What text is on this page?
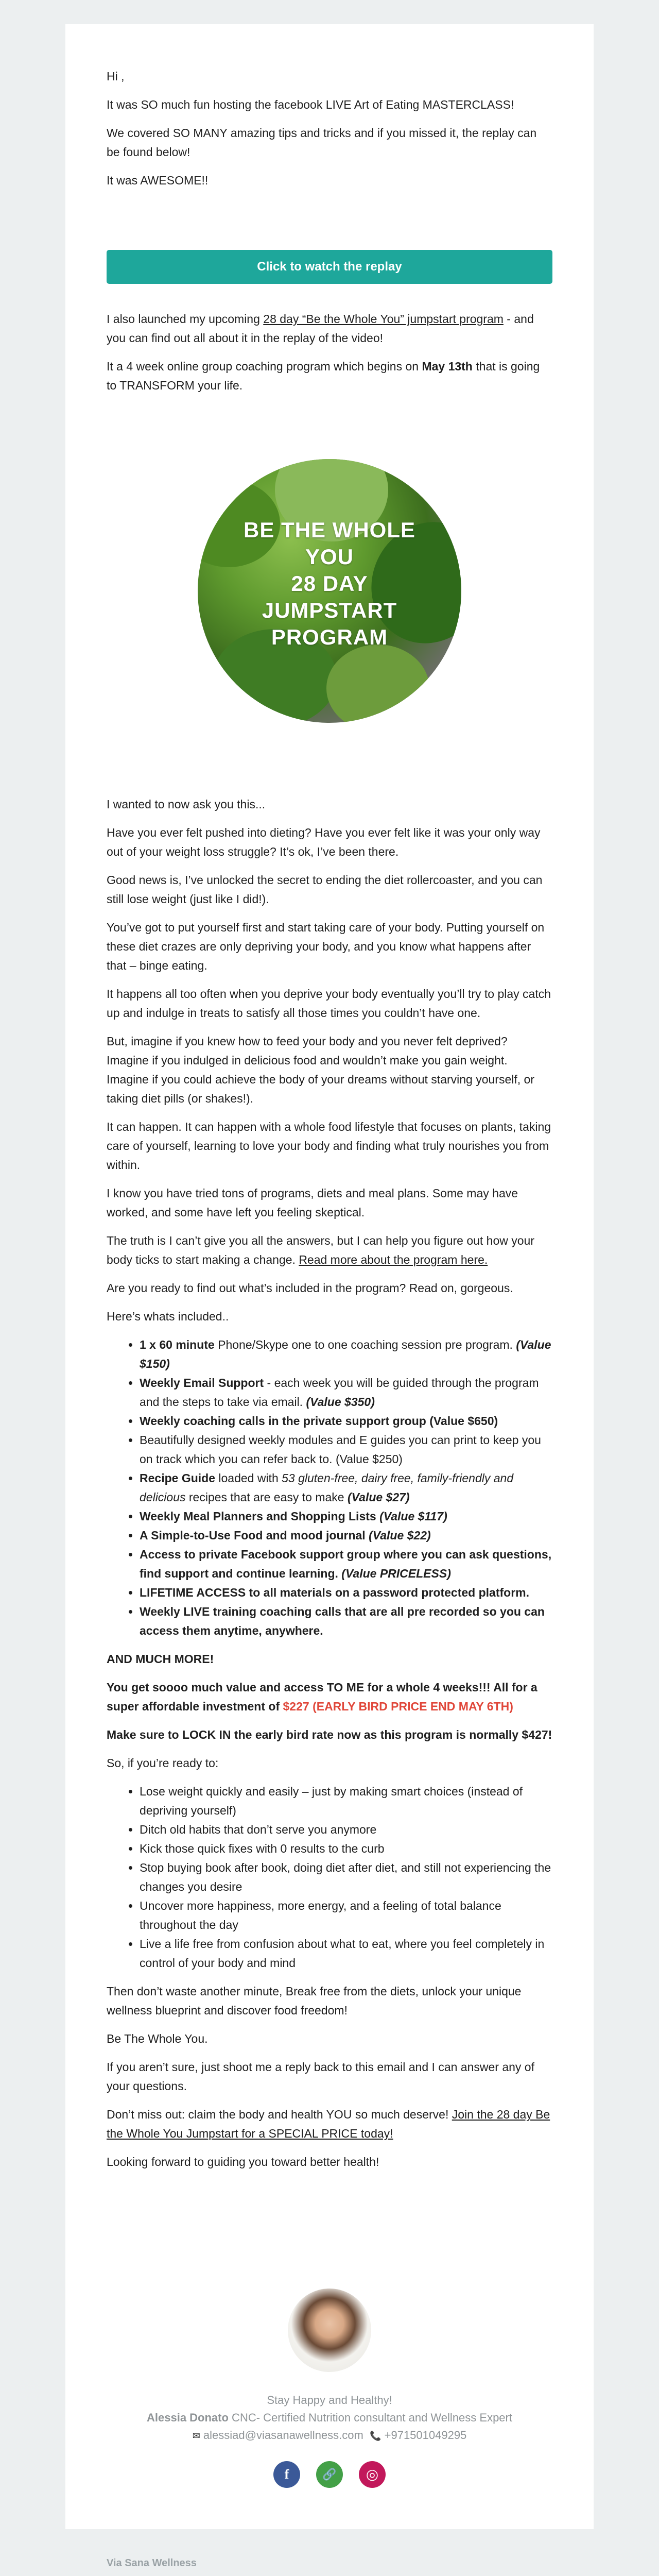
Hi ,

It was SO much fun hosting the facebook LIVE Art of Eating MASTERCLASS!

We covered SO MANY amazing tips and tricks and if you missed it, the replay can be found below!

It was AWESOME!!

Click to watch the replay

I also launched my upcoming 28 day “Be the Whole You” jumpstart program - and you can find out all about it in the replay of the video!

It a 4 week online group coaching program which begins on May 13th that is going to TRANSFORM your life.

BE THE WHOLE
YOU
28 DAY
JUMPSTART
PROGRAM

I wanted to now ask you this...

Have you ever felt pushed into dieting? Have you ever felt like it was your only way out of your weight loss struggle? It’s ok, I’ve been there.

Good news is, I’ve unlocked the secret to ending the diet rollercoaster, and you can still lose weight (just like I did!).

You’ve got to put yourself first and start taking care of your body. Putting yourself on these diet crazes are only depriving your body, and you know what happens after that – binge eating.

It happens all too often when you deprive your body eventually you’ll try to play catch up and indulge in treats to satisfy all those times you couldn’t have one.

But, imagine if you knew how to feed your body and you never felt deprived? Imagine if you indulged in delicious food and wouldn’t make you gain weight. Imagine if you could achieve the body of your dreams without starving yourself, or taking diet pills (or shakes!).

It can happen. It can happen with a whole food lifestyle that focuses on plants, taking care of yourself, learning to love your body and finding what truly nourishes you from within.

I know you have tried tons of programs, diets and meal plans. Some may have worked, and some have left you feeling skeptical.

The truth is I can’t give you all the answers, but I can help you figure out how your body ticks to start making a change. Read more about the program here.

Are you ready to find out what’s included in the program? Read on, gorgeous.

Here’s whats included..

• 1 x 60 minute Phone/Skype one to one coaching session pre program. (Value $150)
• Weekly Email Support - each week you will be guided through the program and the steps to take via email. (Value $350)
• Weekly coaching calls in the private support group (Value $650)
• Beautifully designed weekly modules and E guides you can print to keep you on track which you can refer back to. (Value $250)
• Recipe Guide loaded with 53 gluten-free, dairy free, family-friendly and delicious recipes that are easy to make (Value $27)
• Weekly Meal Planners and Shopping Lists (Value $117)
• A Simple-to-Use Food and mood journal (Value $22)
• Access to private Facebook support group where you can ask questions, find support and continue learning. (Value PRICELESS)
• LIFETIME ACCESS to all materials on a password protected platform.
• Weekly LIVE training coaching calls that are all pre recorded so you can access them anytime, anywhere.

AND MUCH MORE!

You get soooo much value and access TO ME for a whole 4 weeks!!! All for a super affordable investment of $227 (EARLY BIRD PRICE END MAY 6TH)

Make sure to LOCK IN the early bird rate now as this program is normally $427!

So, if you’re ready to:

• Lose weight quickly and easily – just by making smart choices (instead of depriving yourself)
• Ditch old habits that don’t serve you anymore
• Kick those quick fixes with 0 results to the curb
• Stop buying book after book, doing diet after diet, and still not experiencing the changes you desire
• Uncover more happiness, more energy, and a feeling of total balance throughout the day
• Live a life free from confusion about what to eat, where you feel completely in control of your body and mind

Then don’t waste another minute, Break free from the diets, unlock your unique wellness blueprint and discover food freedom!

Be The Whole You.

If you aren’t sure, just shoot me a reply back to this email and I can answer any of your questions.

Don’t miss out: claim the body and health YOU so much deserve! Join the 28 day Be the Whole You Jumpstart for a SPECIAL PRICE today!

Looking forward to guiding you toward better health!

Stay Happy and Healthy!
Alessia Donato CNC- Certified Nutrition consultant and Wellness Expert
✉ alessiad@viasanawellness.com 📞 +971501049295
f	🔗	◎
Via Sana Wellness
